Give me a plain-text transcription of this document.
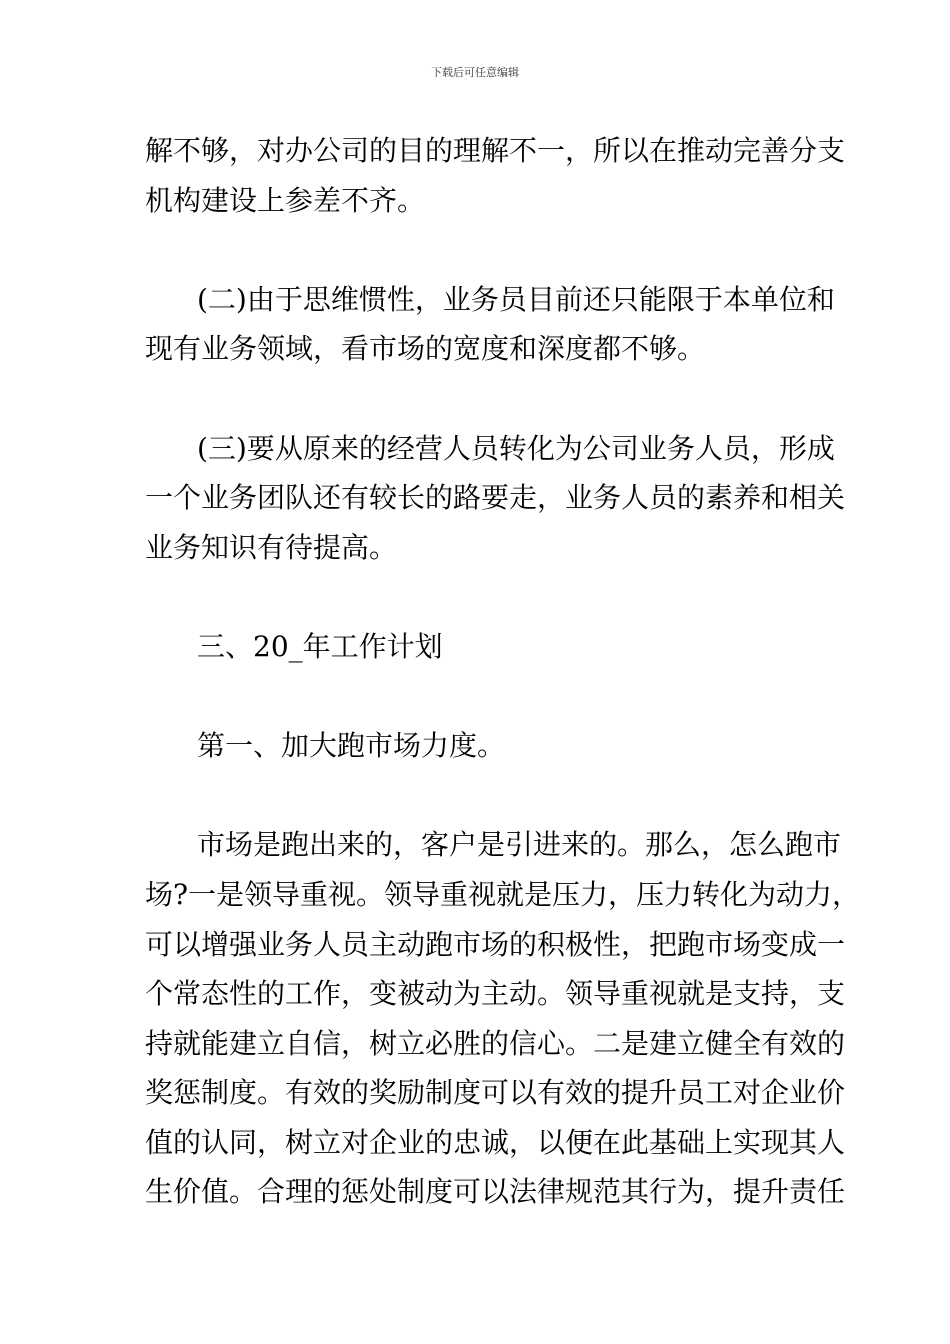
下载后可任意编辑
解不够，对办公司的目的理解不一，所以在推动完善分支
机构建设上参差不齐。
(二)由于思维惯性，业务员目前还只能限于本单位和
现有业务领域，看市场的宽度和深度都不够。
(三)要从原来的经营人员转化为公司业务人员，形成
一个业务团队还有较长的路要走，业务人员的素养和相关
业务知识有待提高。
三、20_年工作计划
第一、加大跑市场力度。
市场是跑出来的，客户是引进来的。那么，怎么跑市
场?一是领导重视。领导重视就是压力，压力转化为动力，
可以增强业务人员主动跑市场的积极性，把跑市场变成一
个常态性的工作，变被动为主动。领导重视就是支持，支
持就能建立自信，树立必胜的信心。二是建立健全有效的
奖惩制度。有效的奖励制度可以有效的提升员工对企业价
值的认同，树立对企业的忠诚，以便在此基础上实现其人
生价值。合理的惩处制度可以法律规范其行为，提升责任
